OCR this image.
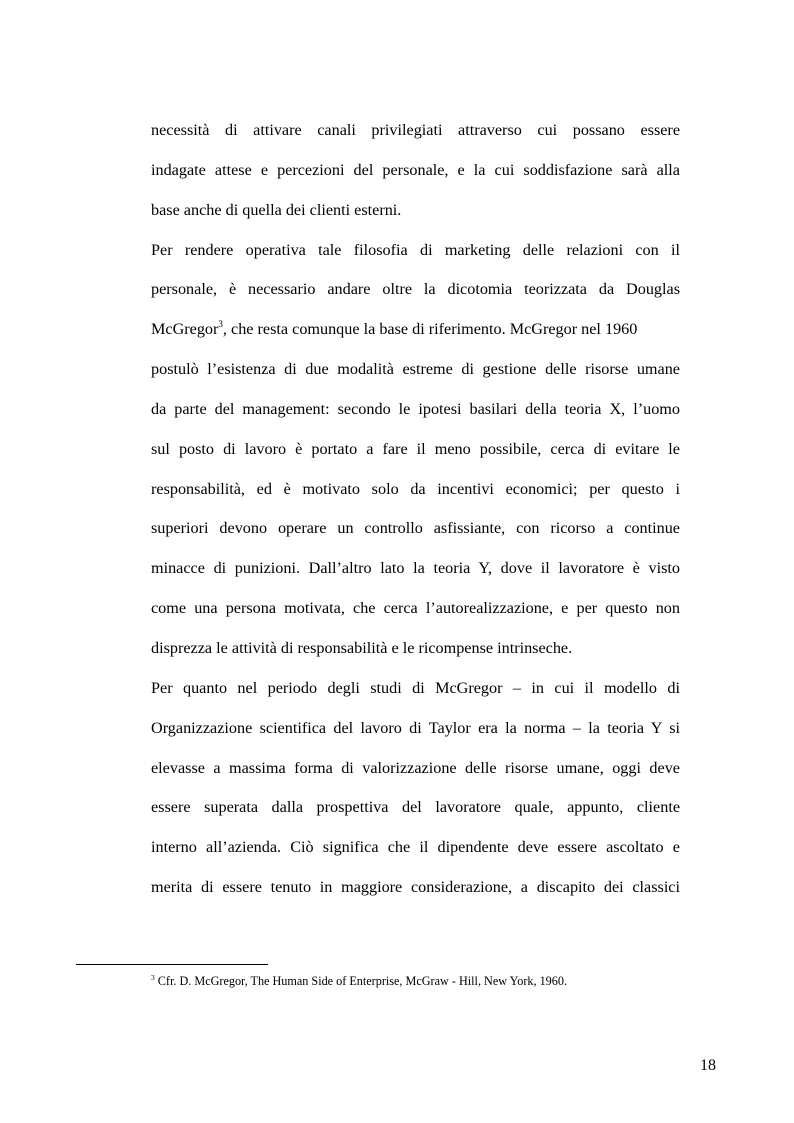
necessità di attivare canali privilegiati attraverso cui possano essere
indagate attese e percezioni del personale, e la cui soddisfazione sarà alla
base anche di quella dei clienti esterni.
Per rendere operativa tale filosofia di marketing delle relazioni con il
personale, è necessario andare oltre la dicotomia teorizzata da Douglas
McGregor$^3$, che resta comunque la base di riferimento. McGregor nel 1960
postulò l’esistenza di due modalità estreme di gestione delle risorse umane
da parte del management: secondo le ipotesi basilari della teoria X, l’uomo
sul posto di lavoro è portato a fare il meno possibile, cerca di evitare le
responsabilità, ed è motivato solo da incentivi economici; per questo i
superiori devono operare un controllo asfissiante, con ricorso a continue
minacce di punizioni. Dall’altro lato la teoria Y, dove il lavoratore è visto
come una persona motivata, che cerca l’autorealizzazione, e per questo non
disprezza le attività di responsabilità e le ricompense intrinseche.
Per quanto nel periodo degli studi di McGregor – in cui il modello di
Organizzazione scientifica del lavoro di Taylor era la norma – la teoria Y si
elevasse a massima forma di valorizzazione delle risorse umane, oggi deve
essere superata dalla prospettiva del lavoratore quale, appunto, cliente
interno all’azienda. Ciò significa che il dipendente deve essere ascoltato e
merita di essere tenuto in maggiore considerazione, a discapito dei classici
$^3$ Cfr. D. McGregor, The Human Side of Enterprise, McGraw - Hill, New York, 1960.
18
